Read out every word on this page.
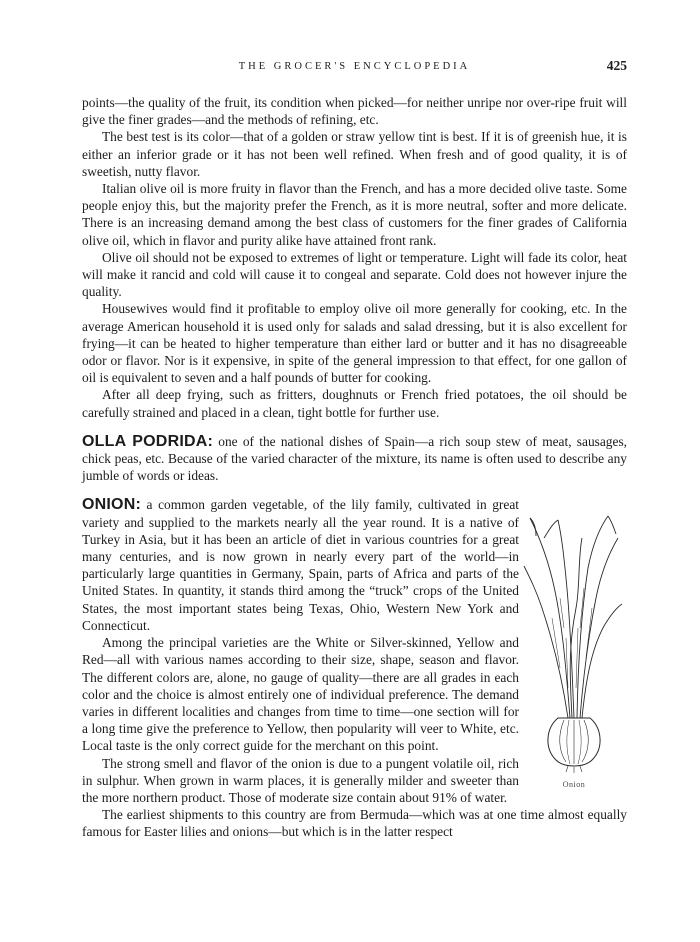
THE GROCER'S ENCYCLOPEDIA	425

points—the quality of the fruit, its condition when picked—for neither unripe nor over-ripe fruit will give the finer grades—and the methods of refining, etc.

The best test is its color—that of a golden or straw yellow tint is best. If it is of greenish hue, it is either an inferior grade or it has not been well refined. When fresh and of good quality, it is of sweetish, nutty flavor.

Italian olive oil is more fruity in flavor than the French, and has a more decided olive taste. Some people enjoy this, but the majority prefer the French, as it is more neutral, softer and more delicate. There is an increasing demand among the best class of customers for the finer grades of California olive oil, which in flavor and purity alike have attained front rank.

Olive oil should not be exposed to extremes of light or temperature. Light will fade its color, heat will make it rancid and cold will cause it to congeal and separate. Cold does not however injure the quality.

Housewives would find it profitable to employ olive oil more generally for cooking, etc. In the average American household it is used only for salads and salad dressing, but it is also excellent for frying—it can be heated to higher temperature than either lard or butter and it has no disagreeable odor or flavor. Nor is it expensive, in spite of the general impression to that effect, for one gallon of oil is equivalent to seven and a half pounds of butter for cooking.

After all deep frying, such as fritters, doughnuts or French fried potatoes, the oil should be carefully strained and placed in a clean, tight bottle for further use.

OLLA PODRIDA: one of the national dishes of Spain—a rich soup stew of meat, sausages, chick peas, etc. Because of the varied character of the mixture, its name is often used to describe any jumble of words or ideas.

ONION: a common garden vegetable, of the lily family, cultivated in great variety and supplied to the markets nearly all the year round. It is a native of Turkey in Asia, but it has been an article of diet in various countries for a great many centuries, and is now grown in nearly every part of the world—in particularly large quantities in Germany, Spain, parts of Africa and parts of the United States. In quantity, it stands third among the “truck” crops of the United States, the most important states being Texas, Ohio, Western New York and Connecticut.

Among the principal varieties are the White or Silver-skinned, Yellow and Red—all with various names according to their size, shape, season and flavor. The different colors are, alone, no gauge of quality—there are all grades in each color and the choice is almost entirely one of individual preference. The demand varies in different localities and changes from time to time—one section will for a long time give the preference to Yellow, then popularity will veer to White, etc. Local taste is the only correct guide for the merchant on this point.

The strong smell and flavor of the onion is due to a pungent volatile oil, rich in sulphur. When grown in warm places, it is generally milder and sweeter than the more northern product. Those of moderate size contain about 91% of water.

The earliest shipments to this country are from Bermuda—which was at one time almost equally famous for Easter lilies and onions—but which is in the latter respect

Onion
